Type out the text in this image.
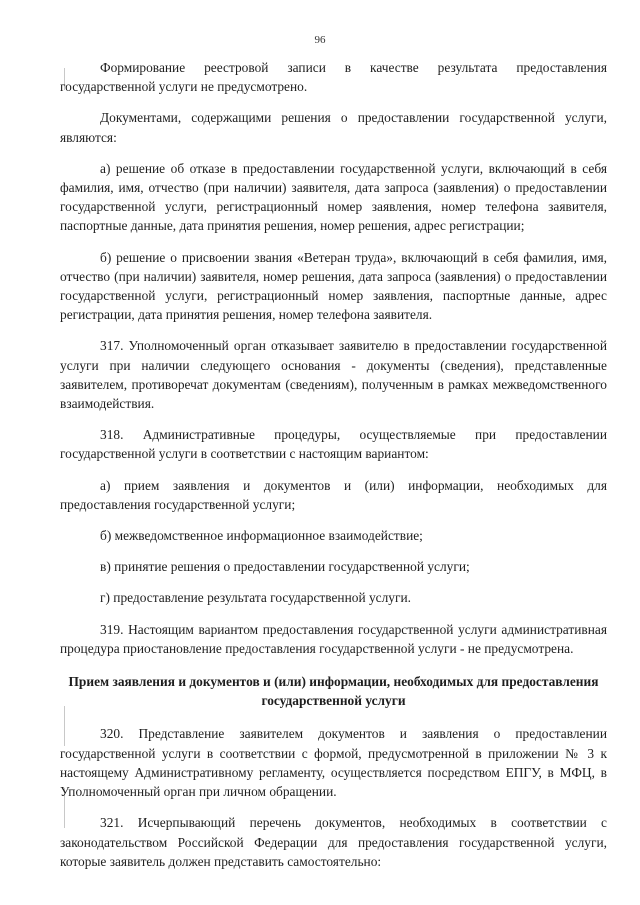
96

Формирование реестровой записи в качестве результата предоставления государственной услуги не предусмотрено.

Документами, содержащими решения о предоставлении государственной услуги, являются:

а) решение об отказе в предоставлении государственной услуги, включающий в себя фамилия, имя, отчество (при наличии) заявителя, дата запроса (заявления) о предоставлении государственной услуги, регистрационный номер заявления, номер телефона заявителя, паспортные данные, дата принятия решения, номер решения, адрес регистрации;

б) решение о присвоении звания «Ветеран труда», включающий в себя фамилия, имя, отчество (при наличии) заявителя, номер решения, дата запроса (заявления) о предоставлении государственной услуги, регистрационный номер заявления, паспортные данные, адрес регистрации, дата принятия решения, номер телефона заявителя.

317. Уполномоченный орган отказывает заявителю в предоставлении государственной услуги при наличии следующего основания - документы (сведения), представленные заявителем, противоречат документам (сведениям), полученным в рамках межведомственного взаимодействия.

318. Административные процедуры, осуществляемые при предоставлении государственной услуги в соответствии с настоящим вариантом:

а) прием заявления и документов и (или) информации, необходимых для предоставления государственной услуги;

б) межведомственное информационное взаимодействие;

в) принятие решения о предоставлении государственной услуги;

г) предоставление результата государственной услуги.

319. Настоящим вариантом предоставления государственной услуги административная процедура приостановление предоставления государственной услуги - не предусмотрена.

Прием заявления и документов и (или) информации, необходимых для предоставления государственной услуги

320. Представление заявителем документов и заявления о предоставлении государственной услуги в соответствии с формой, предусмотренной в приложении № 3 к настоящему Административному регламенту, осуществляется посредством ЕПГУ, в МФЦ, в Уполномоченный орган при личном обращении.

321. Исчерпывающий перечень документов, необходимых в соответствии с законодательством Российской Федерации для предоставления государственной услуги, которые заявитель должен представить самостоятельно:
